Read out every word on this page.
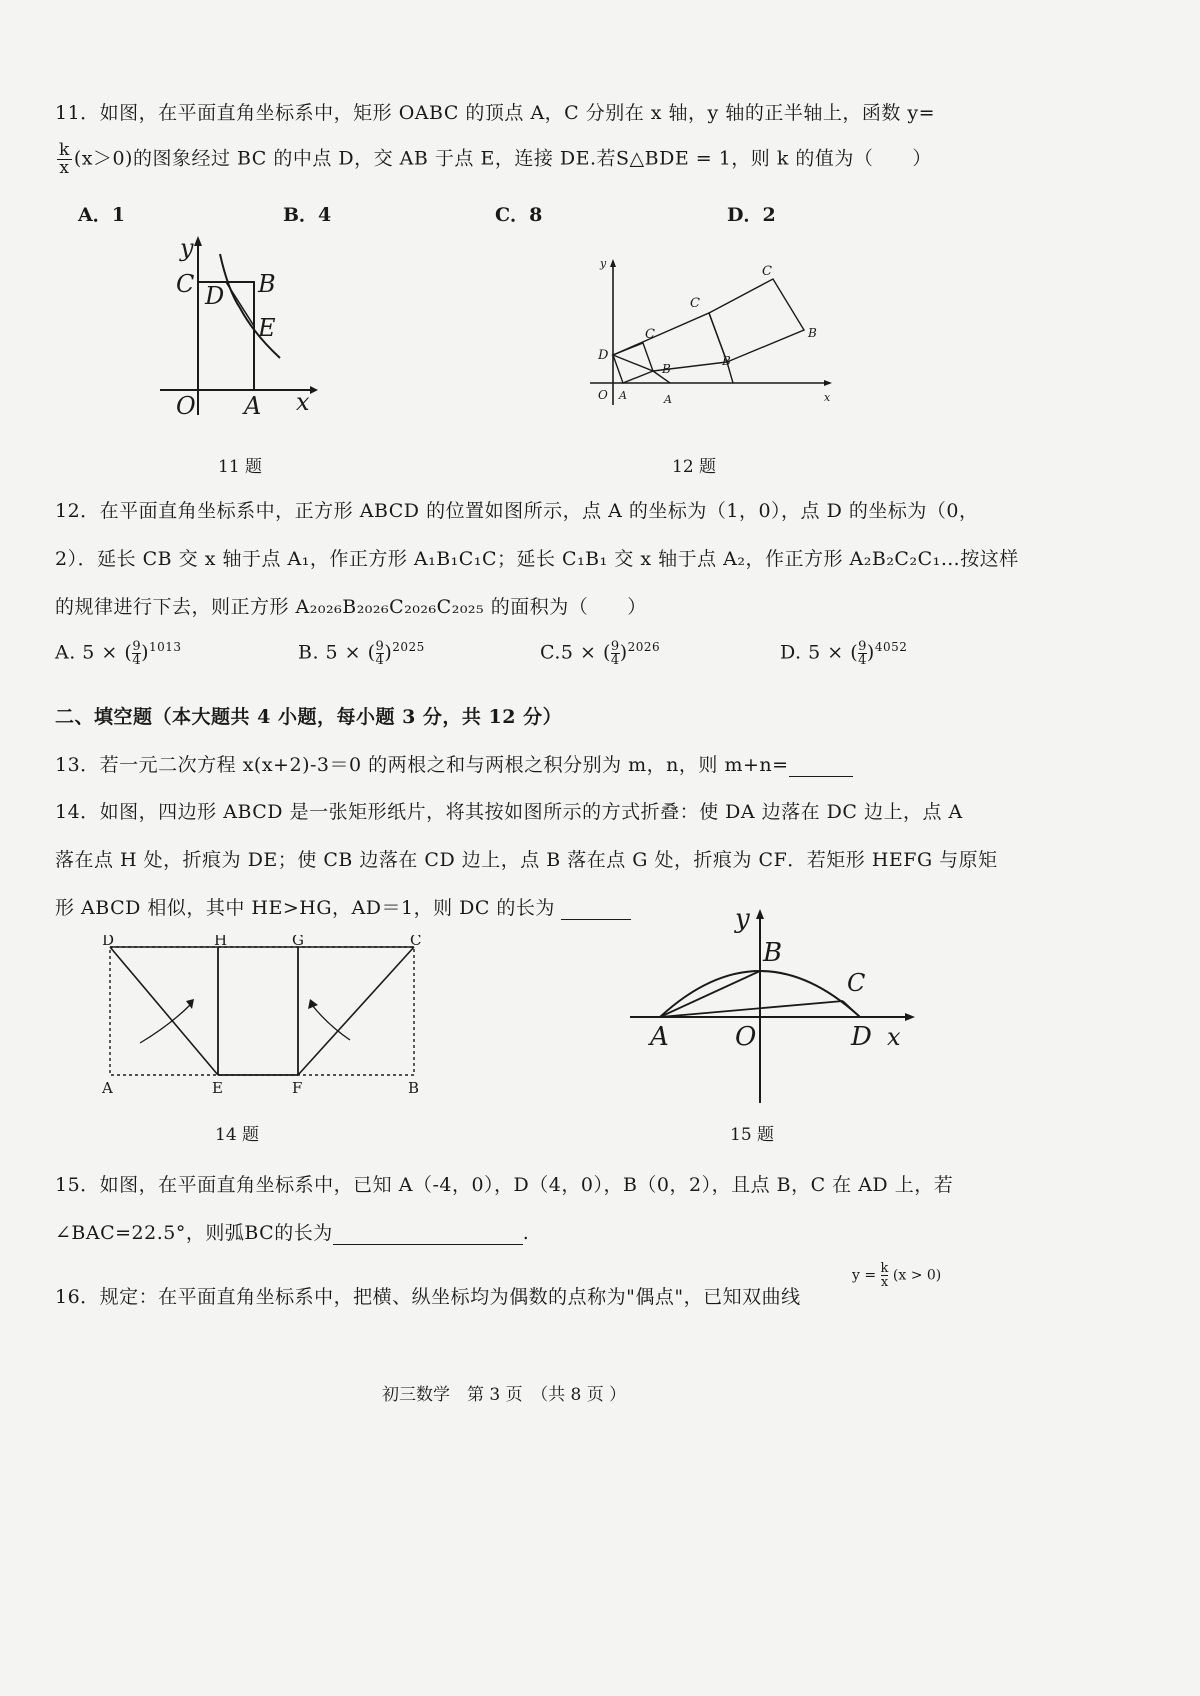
11．如图，在平面直角坐标系中，矩形 OABC 的顶点 A，C 分别在 x 轴，y 轴的正半轴上，函数 y=
$\frac{k}{x} (x>0)$的图象经过 BC 的中点 D，交 AB 于点 E，连接 DE.若S△BDE = 1，则 k 的值为（　　）
A．1	B．4	C．8	D．2
y
C D B
E
O A x
11 题
y
D
C
C
C
B
B
B
O A	A	x
12 题
12．在平面直角坐标系中，正方形 ABCD 的位置如图所示，点 A 的坐标为（1，0），点 D 的坐标为（0，
2）．延长 CB 交 x 轴于点 A₁，作正方形 A₁B₁C₁C；延长 C₁B₁ 交 x 轴于点 A₂，作正方形 A₂B₂C₂C₁…按这样
的规律进行下去，则正方形 A₂₀₂₆B₂₀₂₆C₂₀₂₆C₂₀₂₅ 的面积为（　　）
A. 5 × ( $\frac{9}{4} )^{1013}$	B. 5 × ( $\frac{9}{4} )^{2025}$	C.5 × ( $\frac{9}{4} )^{2026}$	D. 5 × ( $\frac{9}{4} )^{4052}$
二、填空题（本大题共 4 小题，每小题 3 分，共 12 分）
13．若一元二次方程 x(x+2)-3＝0 的两根之和与两根之积分别为 m，n，则 m+n=
14．如图，四边形 ABCD 是一张矩形纸片，将其按如图所示的方式折叠：使 DA 边落在 DC 边上，点 A
落在点 H 处，折痕为 DE；使 CB 边落在 CD 边上，点 B 落在点 G 处，折痕为 CF．若矩形 HEFG 与原矩
形 ABCD 相似，其中 HE>HG，AD＝1，则 DC 的长为
D	H	G	C
A	E	F	B
14 题
y
B
C
A	O	D x
15 题
15．如图，在平面直角坐标系中，已知 A（-4，0），D（4，0），B（0，2），且点 B，C 在 AD 上，若
∠BAC=22.5°，则弧BC的长为	.
16．规定：在平面直角坐标系中，把横、纵坐标均为偶数的点称为"偶点"，已知双曲线
$y = \frac{k}{x} (x > 0)$
初三数学　第 3 页　（共 8 页 ）
